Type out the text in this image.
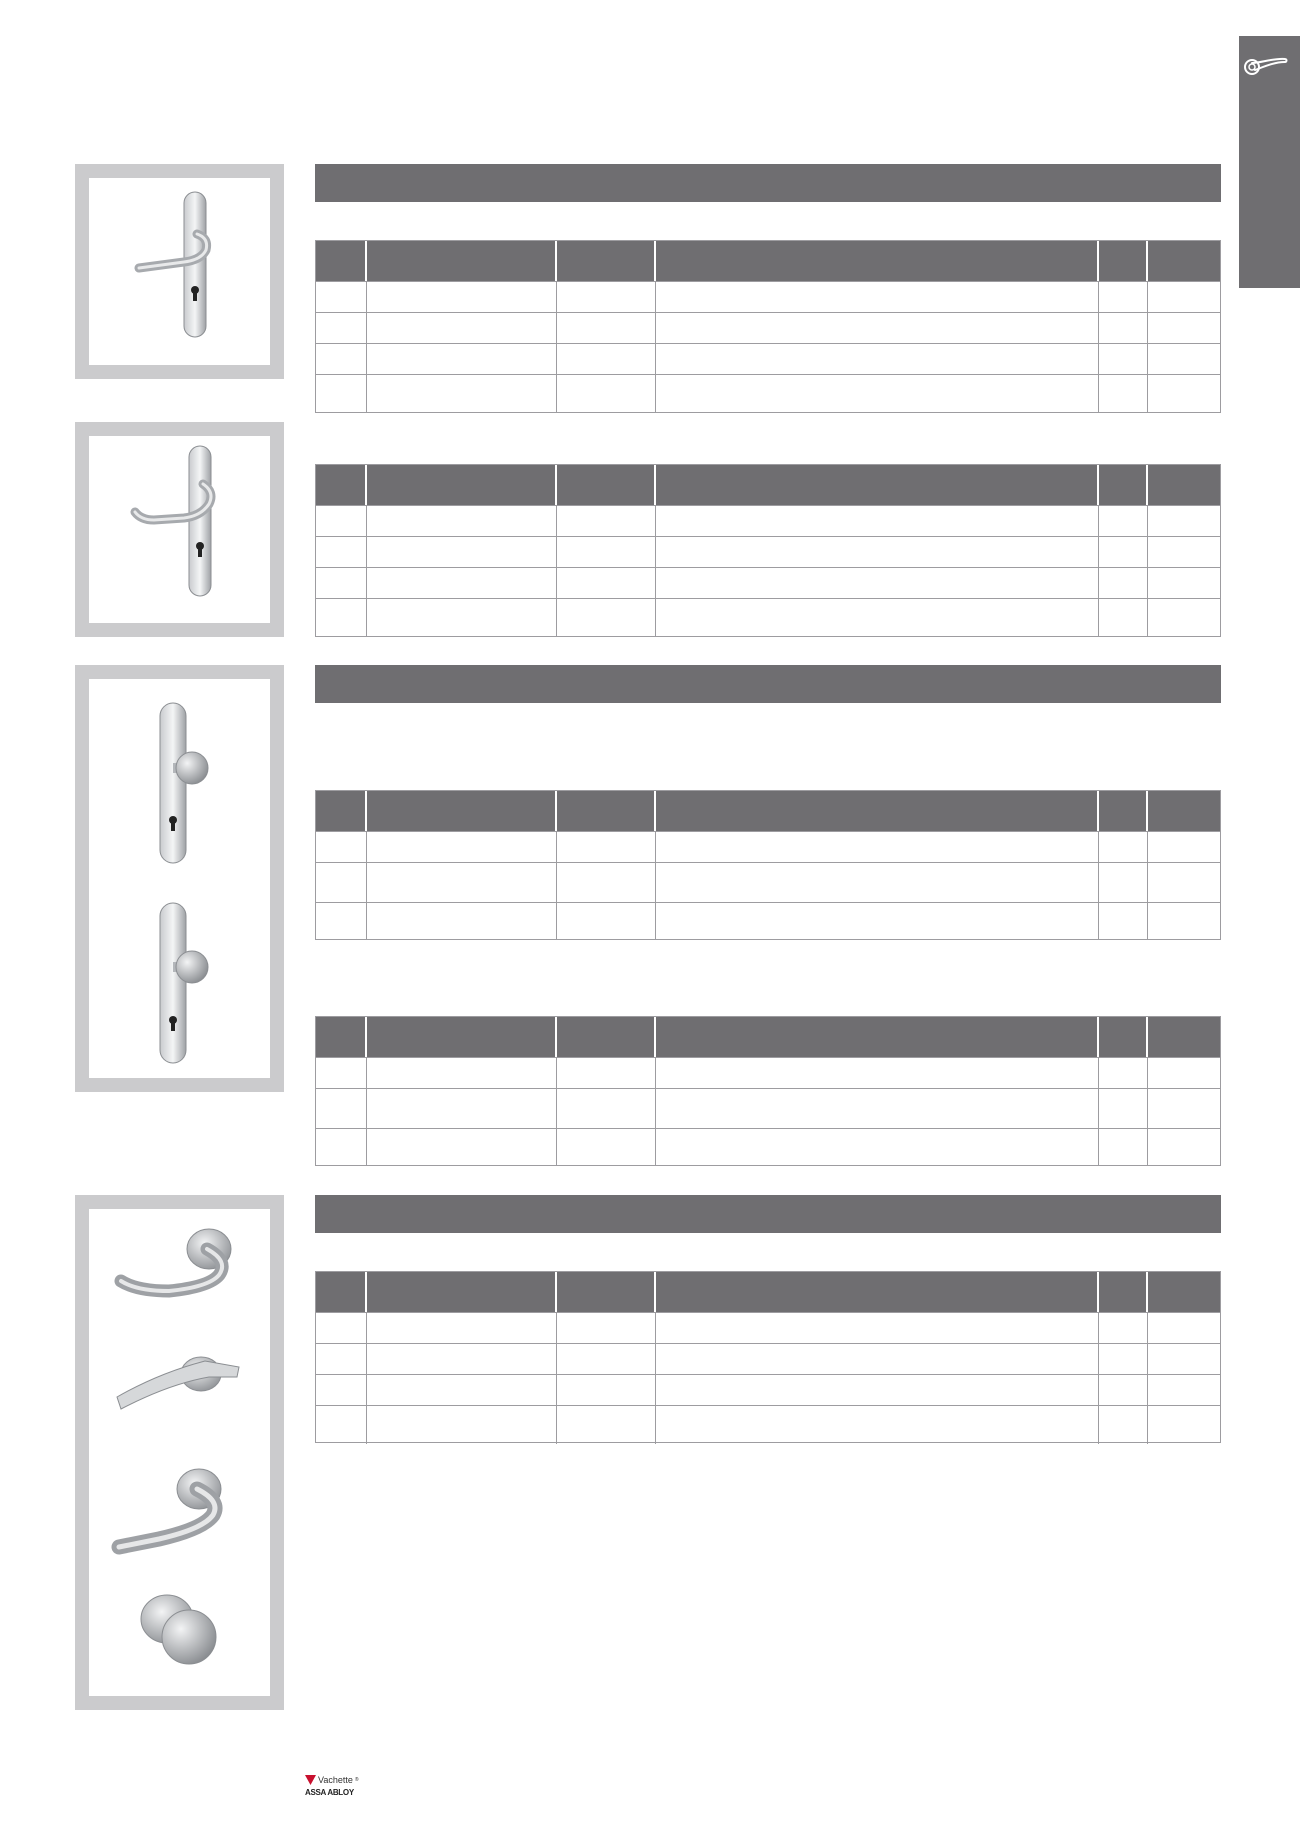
Vachette ®
ASSA ABLOY
